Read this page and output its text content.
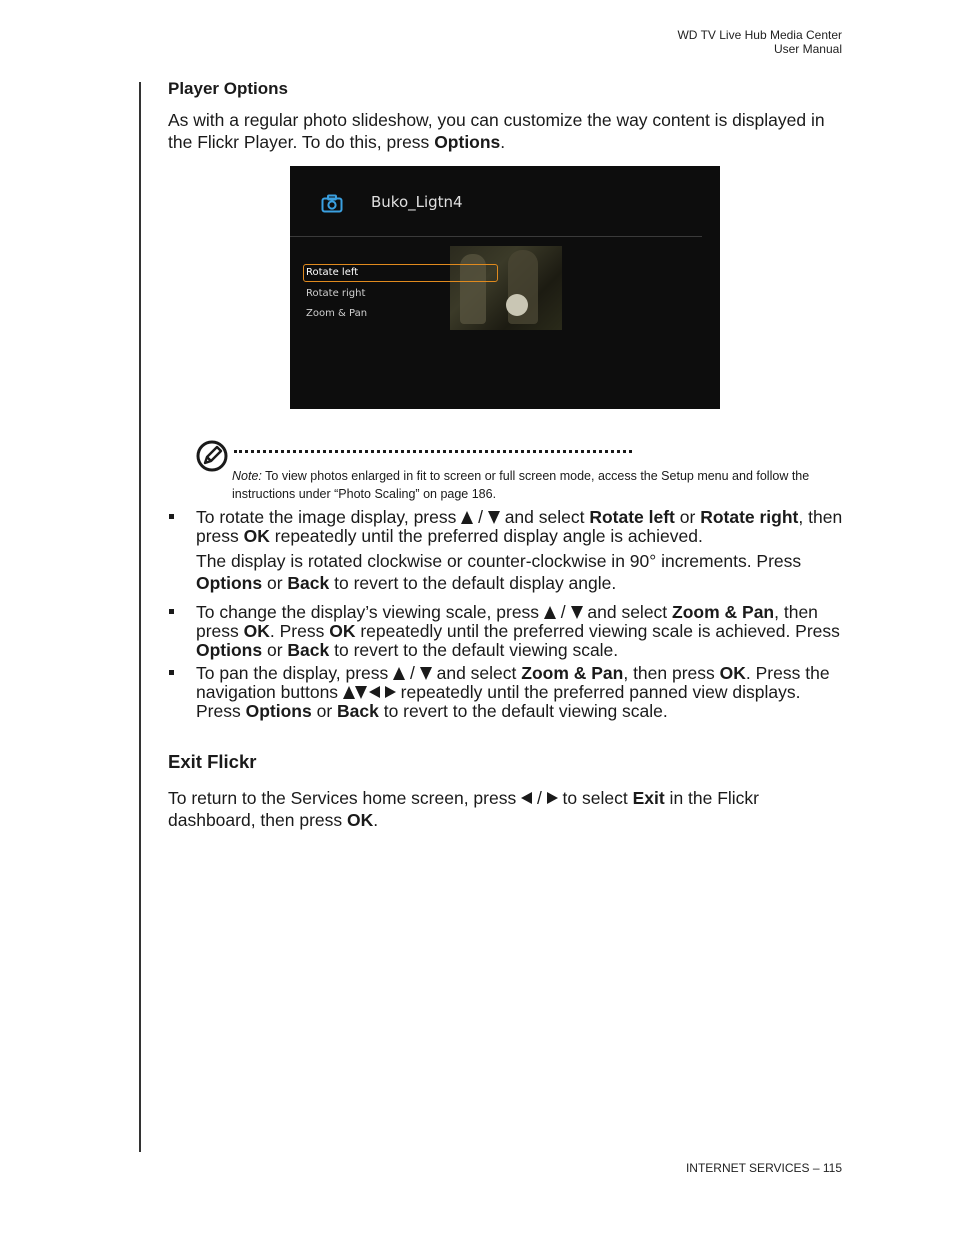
WD TV Live Hub Media Center
User Manual
Player Options

As with a regular photo slideshow, you can customize the way content is displayed in the Flickr Player. To do this, press Options.

Buko_Ligtn4
Rotate left
Rotate right
Zoom & Pan
Note: To view photos enlarged in fit to screen or full screen mode, access the Setup menu and follow the instructions under “Photo Scaling” on page 186.
To rotate the image display, press  /  and select Rotate left or Rotate right, then press OK repeatedly until the preferred display angle is achieved.
The display is rotated clockwise or counter-clockwise in 90° increments. Press Options or Back to revert to the default display angle.
To change the display’s viewing scale, press  /  and select Zoom & Pan, then press OK. Press OK repeatedly until the preferred viewing scale is achieved. Press Options or Back to revert to the default viewing scale.
To pan the display, press  /  and select Zoom & Pan, then press OK. Press the navigation buttons	repeatedly until the preferred panned view displays. Press Options or Back to revert to the default viewing scale.
Exit Flickr

To return to the Services home screen, press  /  to select Exit in the Flickr dashboard, then press OK.

INTERNET SERVICES – 115
